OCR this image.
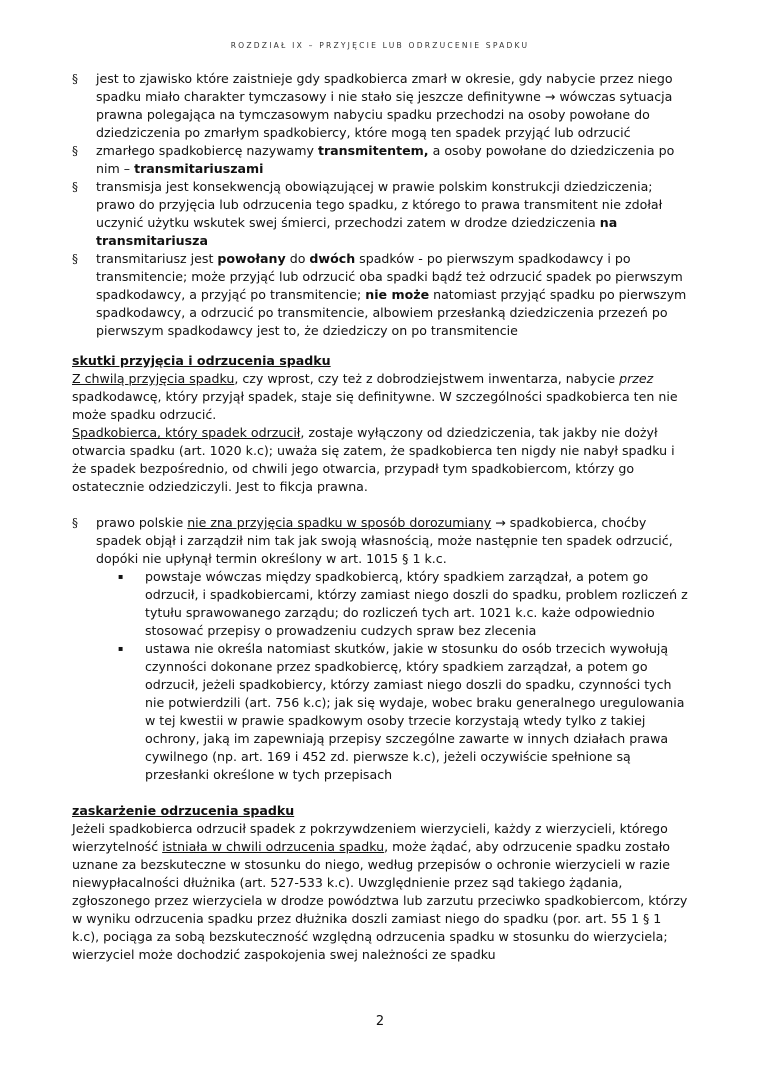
ROZDZIAŁ IX – PRZYJĘCIE LUB ODRZUCENIE SPADKU
§ jest to zjawisko które zaistnieje gdy spadkobierca zmarł w okresie, gdy nabycie przez niego spadku miało charakter tymczasowy i nie stało się jeszcze definitywne → wówczas sytuacja prawna polegająca na tymczasowym nabyciu spadku przechodzi na osoby powołane do dziedziczenia po zmarłym spadkobiercy, które mogą ten spadek przyjąć lub odrzucić
§ zmarłego spadkobiercę nazywamy transmitentem, a osoby powołane do dziedziczenia po nim – transmitariuszami
§ transmisja jest konsekwencją obowiązującej w prawie polskim konstrukcji dziedziczenia; prawo do przyjęcia lub odrzucenia tego spadku, z którego to prawa transmitent nie zdołał uczynić użytku wskutek swej śmierci, przechodzi zatem w drodze dziedziczenia na transmitariusza
§ transmitariusz jest powołany do dwóch spadków - po pierwszym spadkodawcy i po transmitencie; może przyjąć lub odrzucić oba spadki bądź też odrzucić spadek po pierwszym spadkodawcy, a przyjąć po transmitencie; nie może natomiast przyjąć spadku po pierwszym spadkodawcy, a odrzucić po transmitencie, albowiem przesłanką dziedziczenia przezeń po pierwszym spadkodawcy jest to, że dziedziczy on po transmitencie
skutki przyjęcia i odrzucenia spadku

Z chwilą przyjęcia spadku, czy wprost, czy też z dobrodziejstwem inwentarza, nabycie przez spadkodawcę, który przyjął spadek, staje się definitywne. W szczególności spadkobierca ten nie może spadku odrzucić.

Spadkobierca, który spadek odrzucił, zostaje wyłączony od dziedziczenia, tak jakby nie dożył otwarcia spadku (art. 1020 k.c); uważa się zatem, że spadkobierca ten nigdy nie nabył spadku i że spadek bezpośrednio, od chwili jego otwarcia, przypadł tym spadkobiercom, którzy go ostatecznie odziedziczyli. Jest to fikcja prawna.

§ prawo polskie nie zna przyjęcia spadku w sposób dorozumiany → spadkobierca, choćby spadek objął i zarządził nim tak jak swoją własnością, może następnie ten spadek odrzucić, dopóki nie upłynął termin określony w art. 1015 § 1 k.c.
▪ powstaje wówczas między spadkobiercą, który spadkiem zarządzał, a potem go odrzucił, i spadkobiercami, którzy zamiast niego doszli do spadku, problem rozliczeń z tytułu sprawowanego zarządu; do rozliczeń tych art. 1021 k.c. każe odpowiednio stosować przepisy o prowadzeniu cudzych spraw bez zlecenia
▪ ustawa nie określa natomiast skutków, jakie w stosunku do osób trzecich wywołują czynności dokonane przez spadkobiercę, który spadkiem zarządzał, a potem go odrzucił, jeżeli spadkobiercy, którzy zamiast niego doszli do spadku, czynności tych nie potwierdzili (art. 756 k.c); jak się wydaje, wobec braku generalnego uregulowania w tej kwestii w prawie spadkowym osoby trzecie korzystają wtedy tylko z takiej ochrony, jaką im zapewniają przepisy szczególne zawarte w innych działach prawa cywilnego (np. art. 169 i 452 zd. pierwsze k.c), jeżeli oczywiście spełnione są przesłanki określone w tych przepisach
zaskarżenie odrzucenia spadku

Jeżeli spadkobierca odrzucił spadek z pokrzywdzeniem wierzycieli, każdy z wierzycieli, którego wierzytelność istniała w chwili odrzucenia spadku, może żądać, aby odrzucenie spadku zostało uznane za bezskuteczne w stosunku do niego, według przepisów o ochronie wierzycieli w razie niewypłacalności dłużnika (art. 527-533 k.c). Uwzględnienie przez sąd takiego żądania, zgłoszonego przez wierzyciela w drodze powództwa lub zarzutu przeciwko spadkobiercom, którzy w wyniku odrzucenia spadku przez dłużnika doszli zamiast niego do spadku (por. art. 55 1 § 1 k.c), pociąga za sobą bezskuteczność względną odrzucenia spadku w stosunku do wierzyciela; wierzyciel może dochodzić zaspokojenia swej należności ze spadku

2
